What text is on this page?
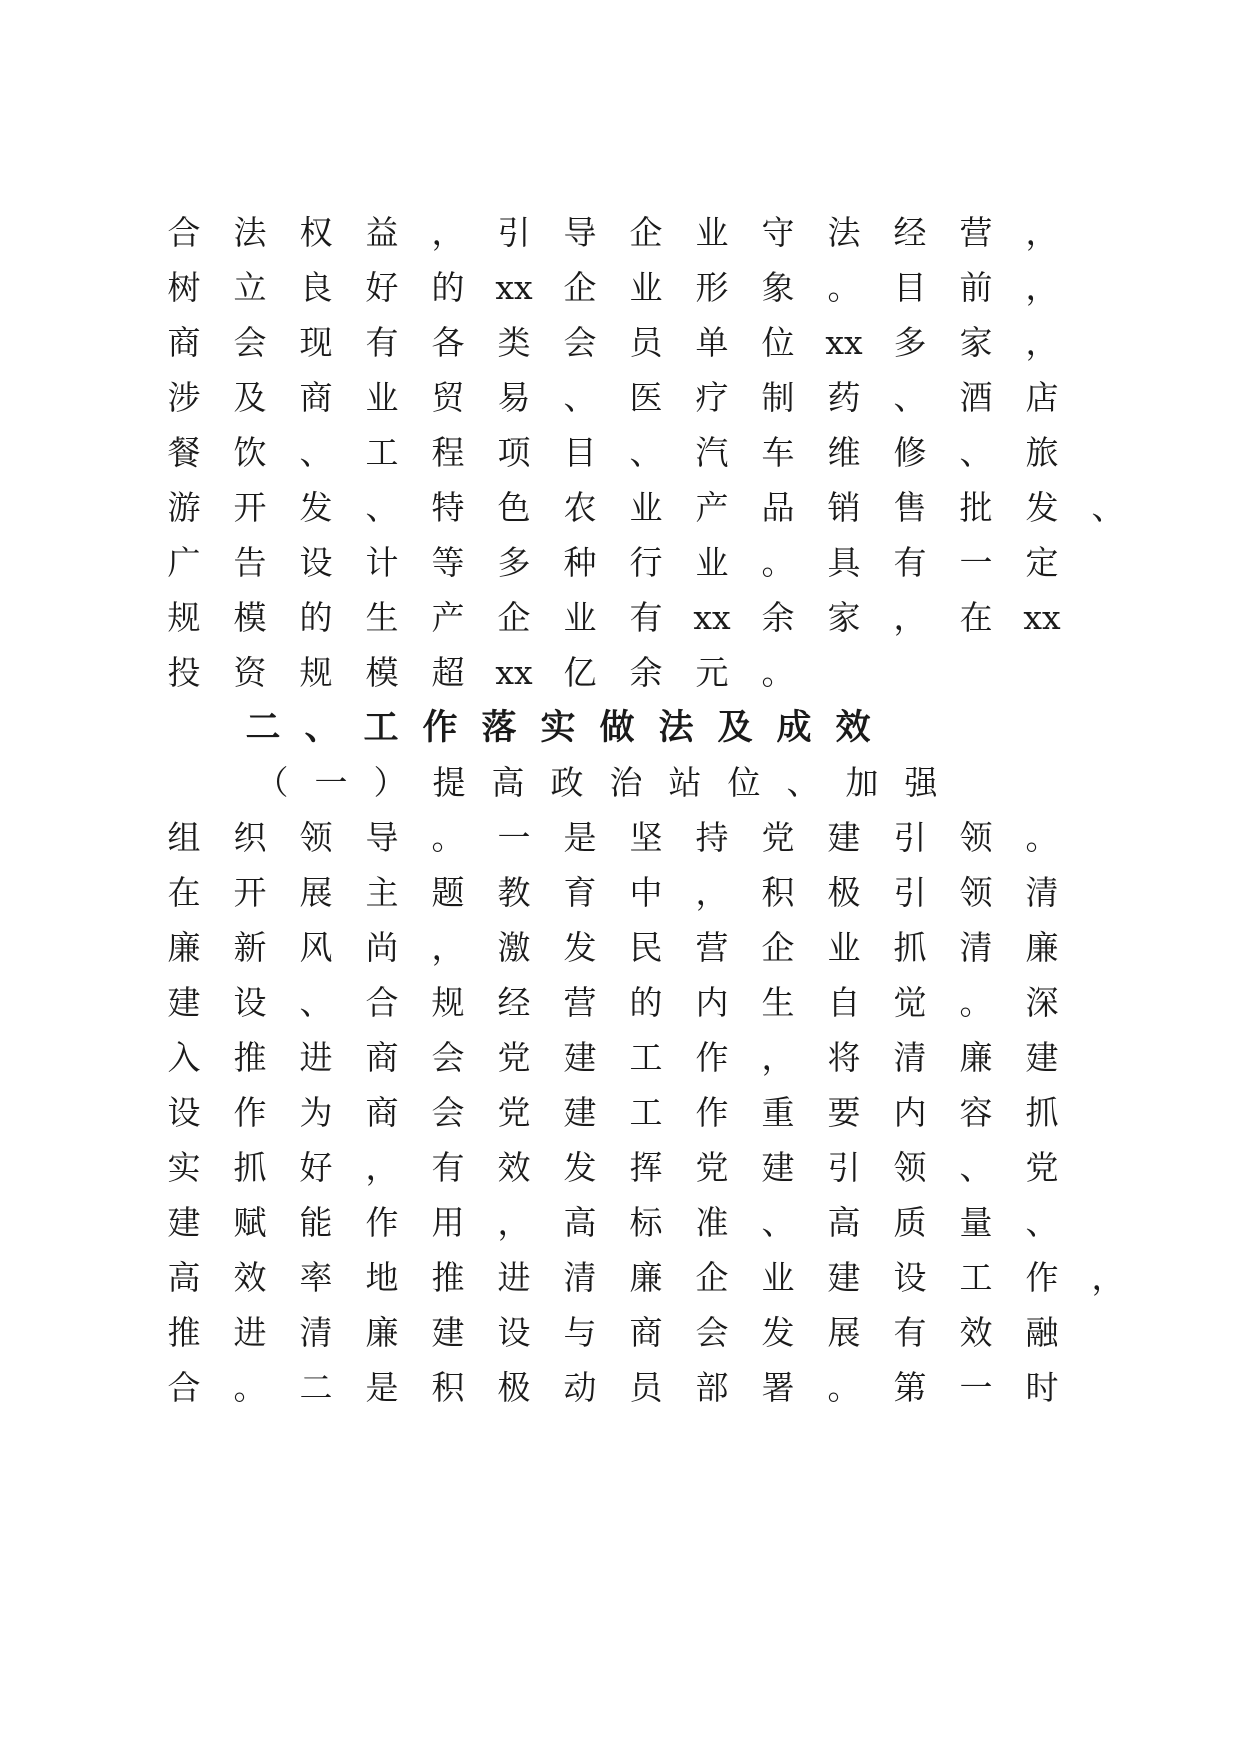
合 法 权 益 ， 引 导 企 业 守 法 经 营 ，
树 立 良 好 的 xx 企 业 形 象 。 目 前 ，
商 会 现 有 各 类 会 员 单 位 xx 多 家 ，
涉 及 商 业 贸 易 、 医 疗 制 药 、 酒 店
餐 饮 、 工 程 项 目 、 汽 车 维 修 、 旅
游 开 发 、 特 色 农 业 产 品 销 售 批 发 、
广 告 设 计 等 多 种 行 业 。 具 有 一 定
规 模 的 生 产 企 业 有 xx 余 家 ， 在 xx
投 资 规 模 超 xx 亿 余 元 。
二 、 工 作 落 实 做 法 及 成 效
（ 一 ） 提 高 政 治 站 位 、 加 强
组 织 领 导 。 一 是 坚 持 党 建 引 领 。
在 开 展 主 题 教 育 中 ， 积 极 引 领 清
廉 新 风 尚 ， 激 发 民 营 企 业 抓 清 廉
建 设 、 合 规 经 营 的 内 生 自 觉 。 深
入 推 进 商 会 党 建 工 作 ， 将 清 廉 建
设 作 为 商 会 党 建 工 作 重 要 内 容 抓
实 抓 好 ， 有 效 发 挥 党 建 引 领 、 党
建 赋 能 作 用 ， 高 标 准 、 高 质 量 、
高 效 率 地 推 进 清 廉 企 业 建 设 工 作 ，
推 进 清 廉 建 设 与 商 会 发 展 有 效 融
合 。 二 是 积 极 动 员 部 署 。 第 一 时
